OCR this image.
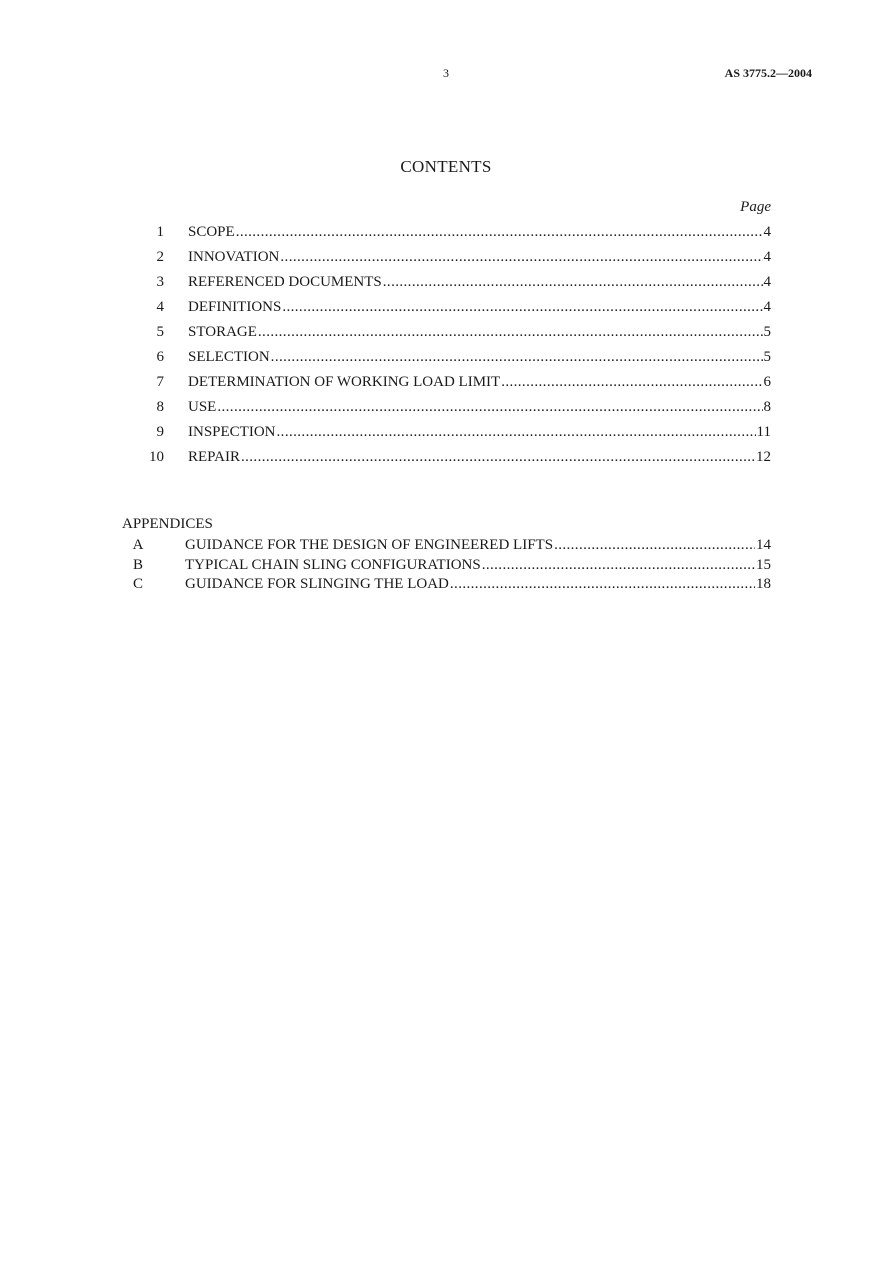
3	AS 3775.2—2004
CONTENTS
Page
1 SCOPE .....	4
2 INNOVATION .....	4
3 REFERENCED DOCUMENTS .....	4
4 DEFINITIONS .....	4
5 STORAGE .....	5
6 SELECTION .....	5
7 DETERMINATION OF WORKING LOAD LIMIT .....	6
8 USE .....	8
9 INSPECTION .....	11
10 REPAIR .....	12
APPENDICES
A	GUIDANCE FOR THE DESIGN OF ENGINEERED LIFTS .....	14
B	TYPICAL CHAIN SLING CONFIGURATIONS .....	15
C	GUIDANCE FOR SLINGING THE LOAD .....	18
